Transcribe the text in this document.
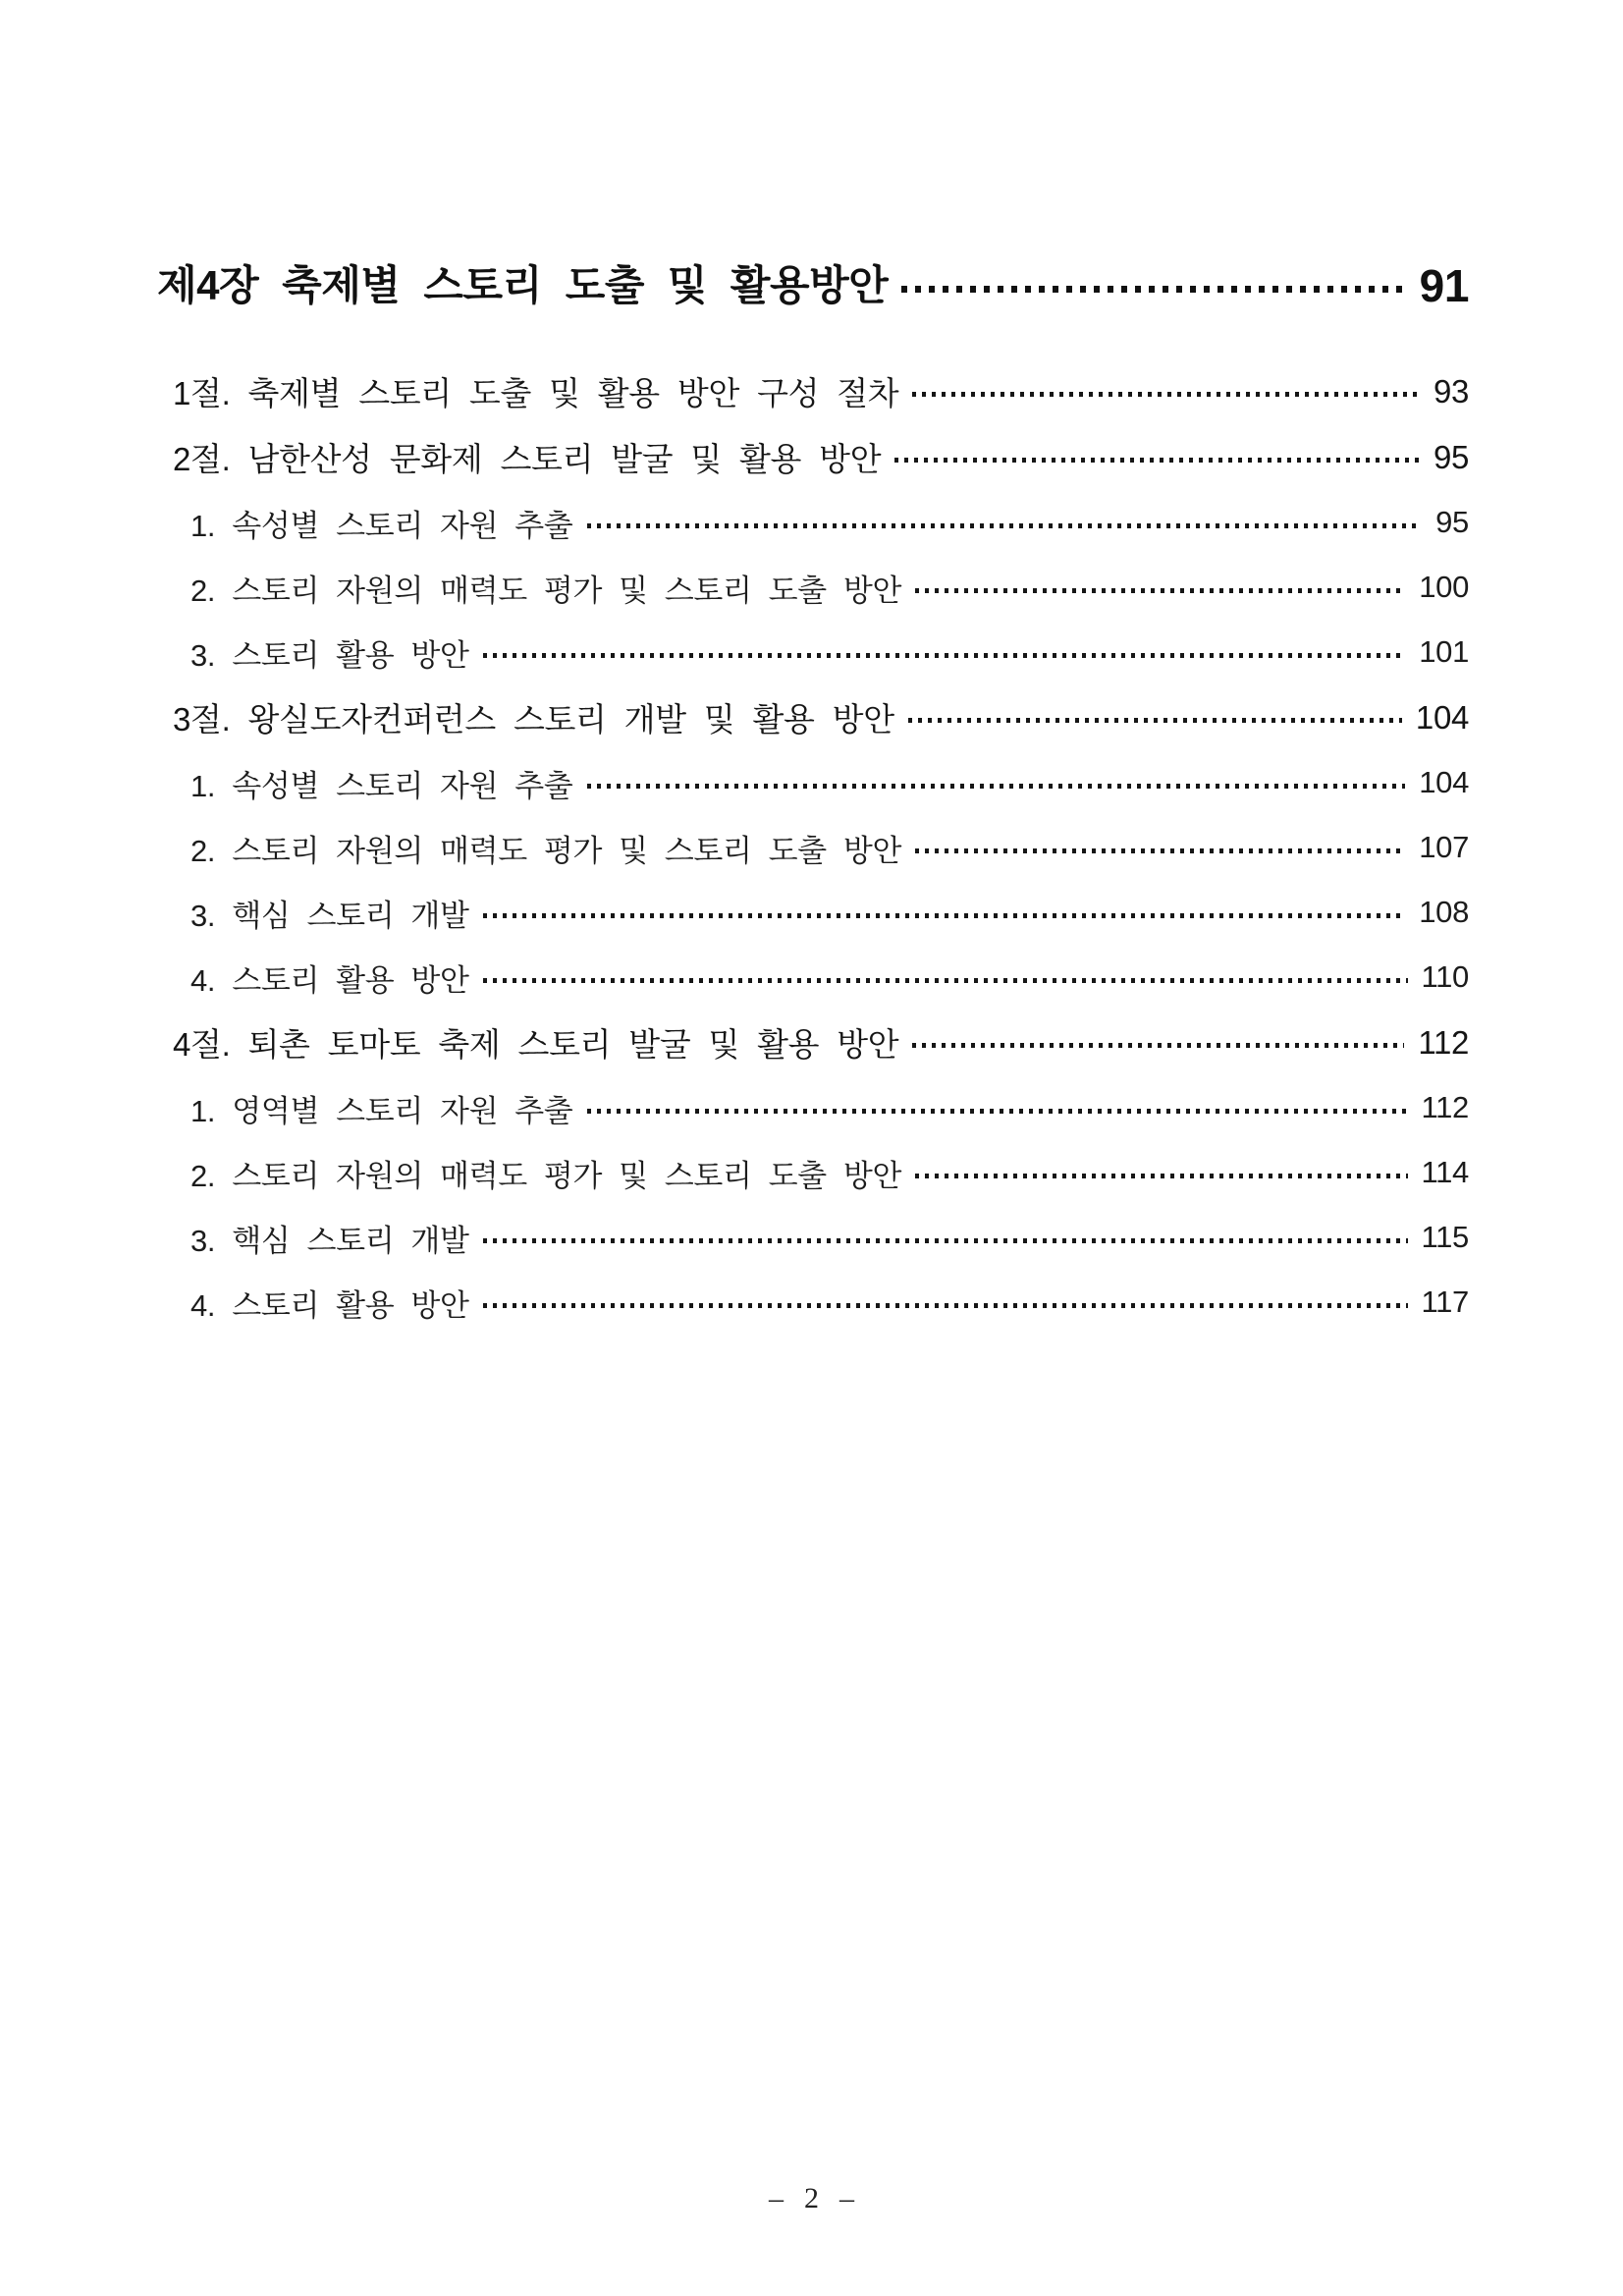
제4장 축제별 스토리 도출 및 활용방안	91
1절. 축제별 스토리 도출 및 활용 방안 구성 절차	93
2절. 남한산성 문화제 스토리 발굴 및 활용 방안	95
1. 속성별 스토리 자원 추출	95
2. 스토리 자원의 매력도 평가 및 스토리 도출 방안	100
3. 스토리 활용 방안	101
3절. 왕실도자컨퍼런스 스토리 개발 및 활용 방안	104
1. 속성별 스토리 자원 추출	104
2. 스토리 자원의 매력도 평가 및 스토리 도출 방안	107
3. 핵심 스토리 개발	108
4. 스토리 활용 방안	110
4절. 퇴촌 토마토 축제 스토리 발굴 및 활용 방안	112
1. 영역별 스토리 자원 추출	112
2. 스토리 자원의 매력도 평가 및 스토리 도출 방안	114
3. 핵심 스토리 개발	115
4. 스토리 활용 방안	117
– 2 –
